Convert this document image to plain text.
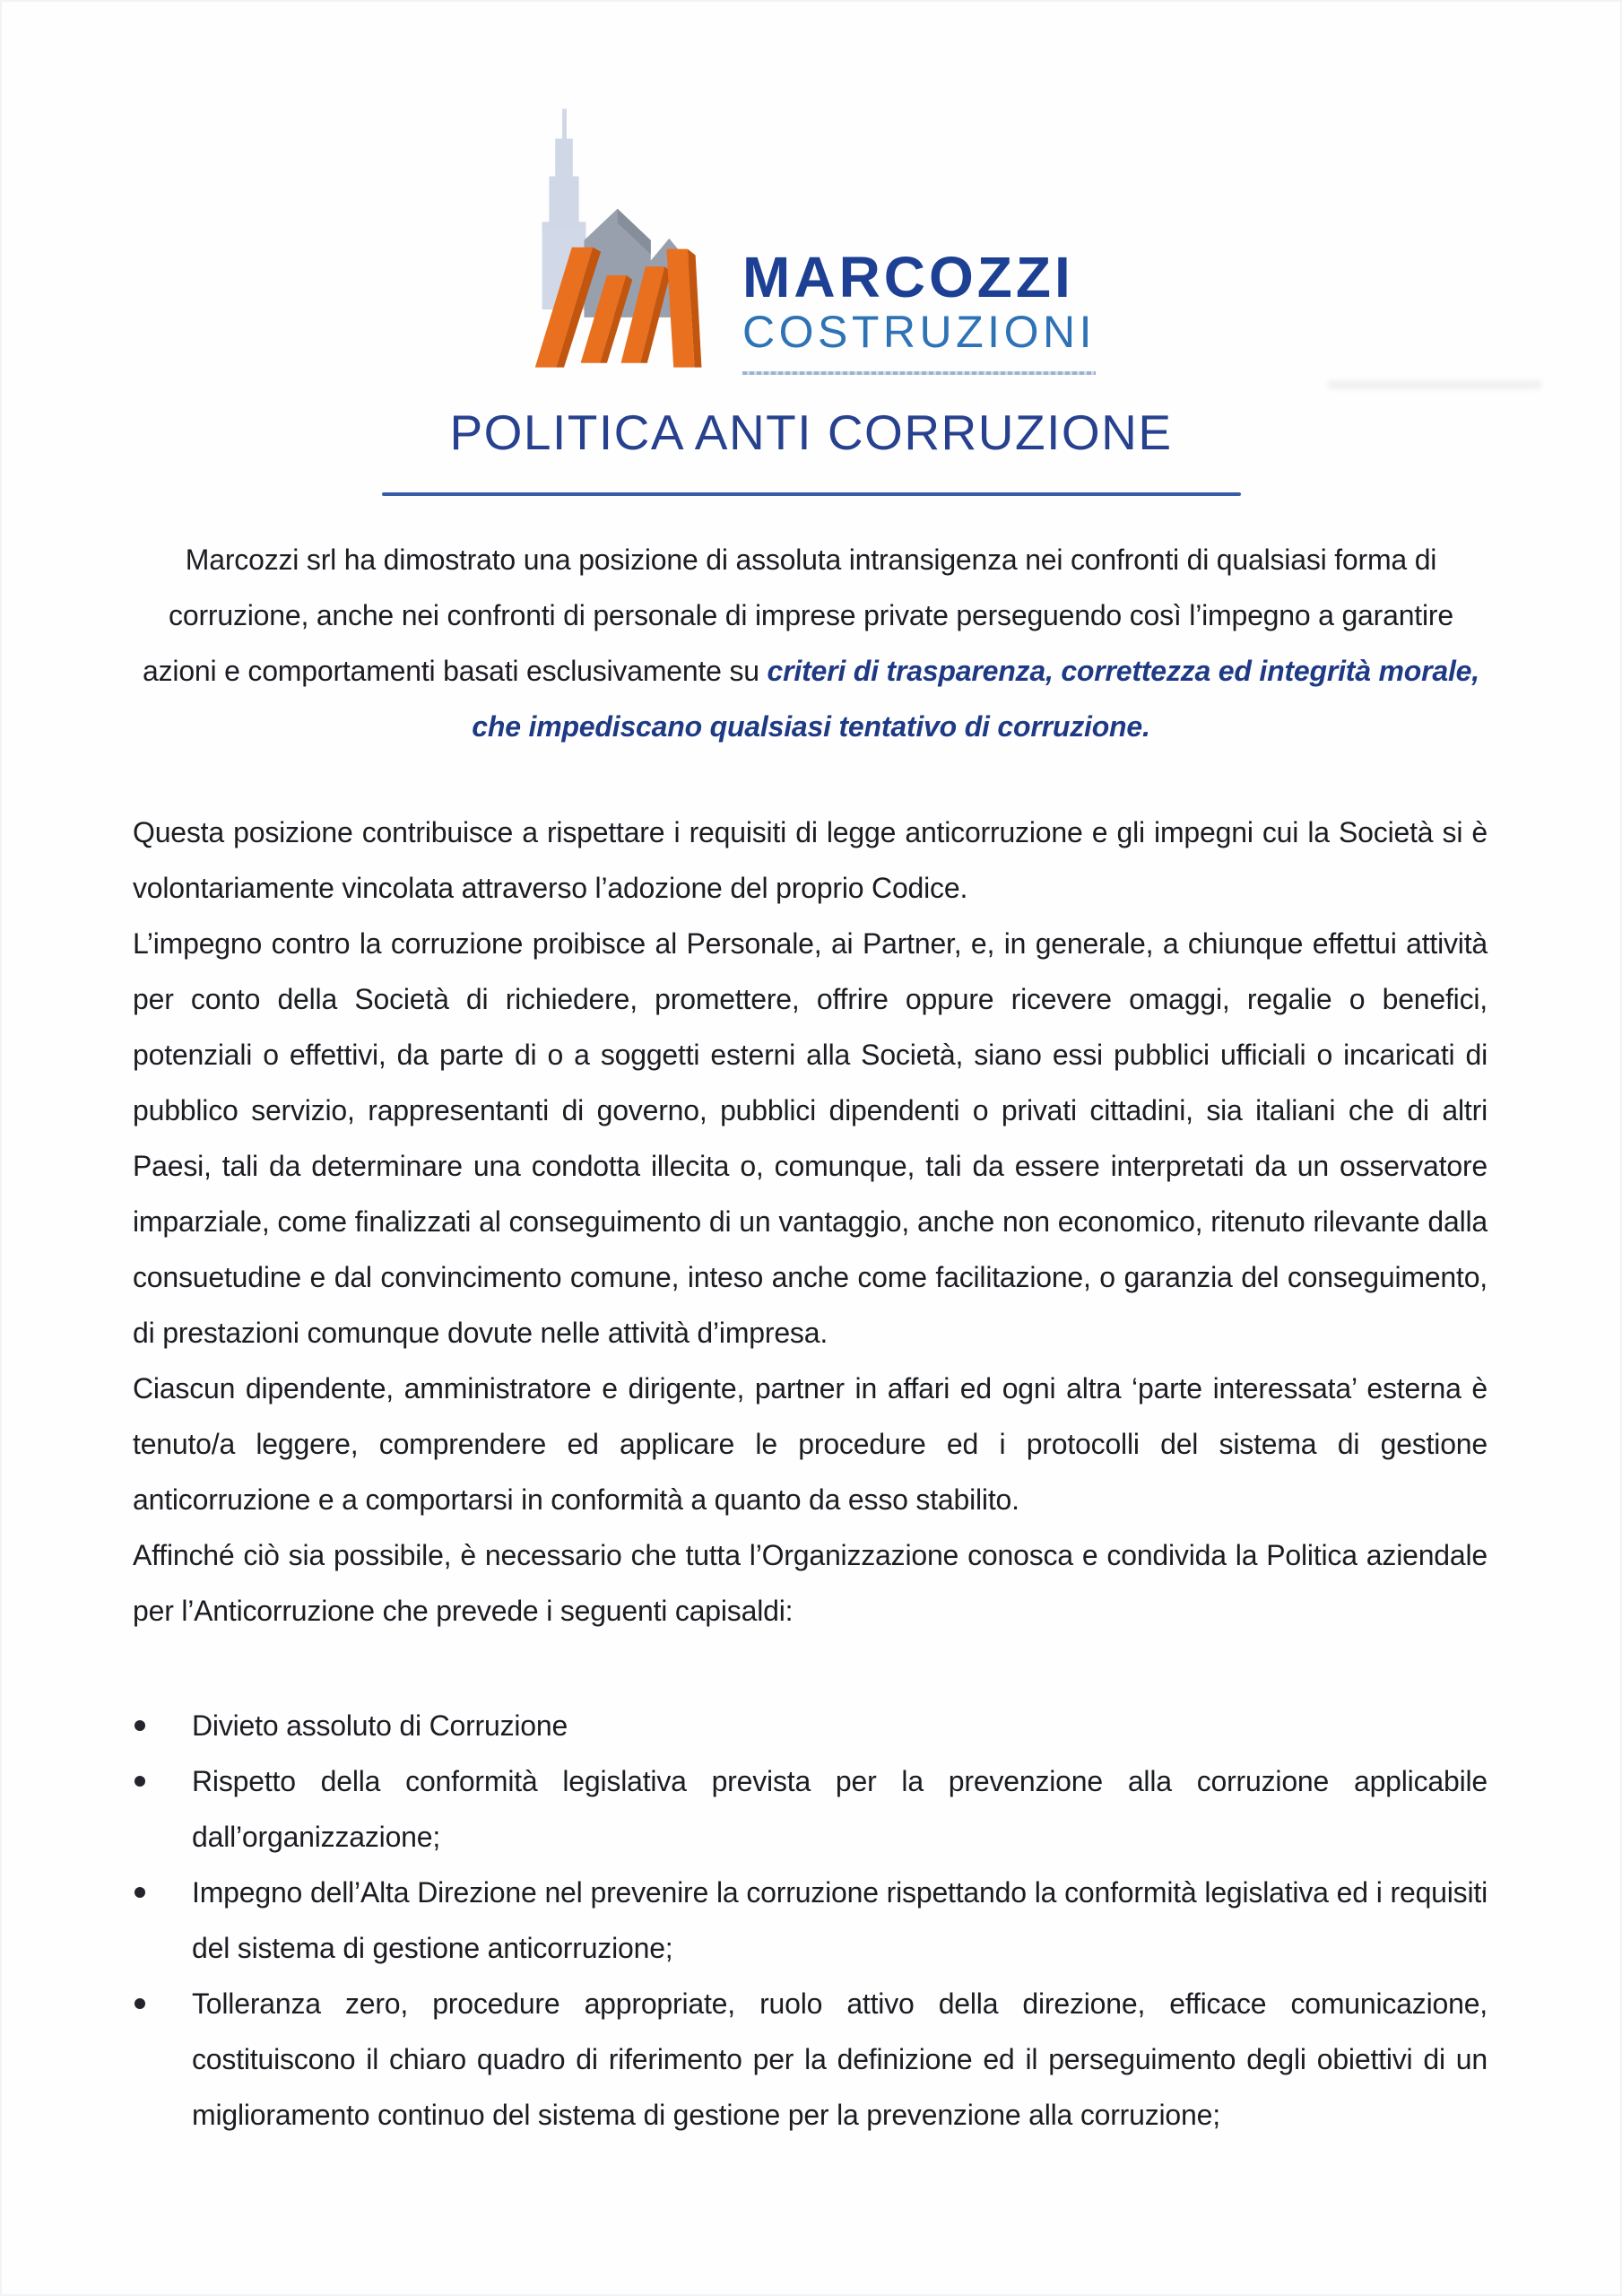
MARCOZZI
COSTRUZIONI
POLITICA ANTI CORRUZIONE

Marcozzi srl ha dimostrato una posizione di assoluta intransigenza nei confronti di qualsiasi forma di corruzione, anche nei confronti di personale di imprese private perseguendo così l’impegno a garantire azioni e comportamenti basati esclusivamente su criteri di trasparenza, correttezza ed integrità morale, che impediscano qualsiasi tentativo di corruzione.

Questa posizione contribuisce a rispettare i requisiti di legge anticorruzione e gli impegni cui la Società si è volontariamente vincolata attraverso l’adozione del proprio Codice.

L’impegno contro la corruzione proibisce al Personale, ai Partner, e, in generale, a chiunque effettui attività per conto della Società di richiedere, promettere, offrire oppure ricevere omaggi, regalie o benefici, potenziali o effettivi, da parte di o a soggetti esterni alla Società, siano essi pubblici ufficiali o incaricati di pubblico servizio, rappresentanti di governo, pubblici dipendenti o privati cittadini, sia italiani che di altri Paesi, tali da determinare una condotta illecita o, comunque, tali da essere interpretati da un osservatore imparziale, come finalizzati al conseguimento di un vantaggio, anche non economico, ritenuto rilevante dalla consuetudine e dal convincimento comune, inteso anche come facilitazione, o garanzia del conseguimento, di prestazioni comunque dovute nelle attività d’impresa.

Ciascun dipendente, amministratore e dirigente, partner in affari ed ogni altra ‘parte interessata’ esterna è tenuto/a leggere, comprendere ed applicare le procedure ed i protocolli del sistema di gestione anticorruzione e a comportarsi in conformità a quanto da esso stabilito.

Affinché ciò sia possibile, è necessario che tutta l’Organizzazione conosca e condivida la Politica aziendale per l’Anticorruzione che prevede i seguenti capisaldi:

Divieto assoluto di Corruzione
Rispetto della conformità legislativa prevista per la prevenzione alla corruzione applicabile dall’organizzazione;
Impegno dell’Alta Direzione nel prevenire la corruzione rispettando la conformità legislativa ed i requisiti del sistema di gestione anticorruzione;
Tolleranza zero, procedure appropriate, ruolo attivo della direzione, efficace comunicazione, costituiscono il chiaro quadro di riferimento per la definizione ed il perseguimento degli obiettivi di un miglioramento continuo del sistema di gestione per la prevenzione alla corruzione;
